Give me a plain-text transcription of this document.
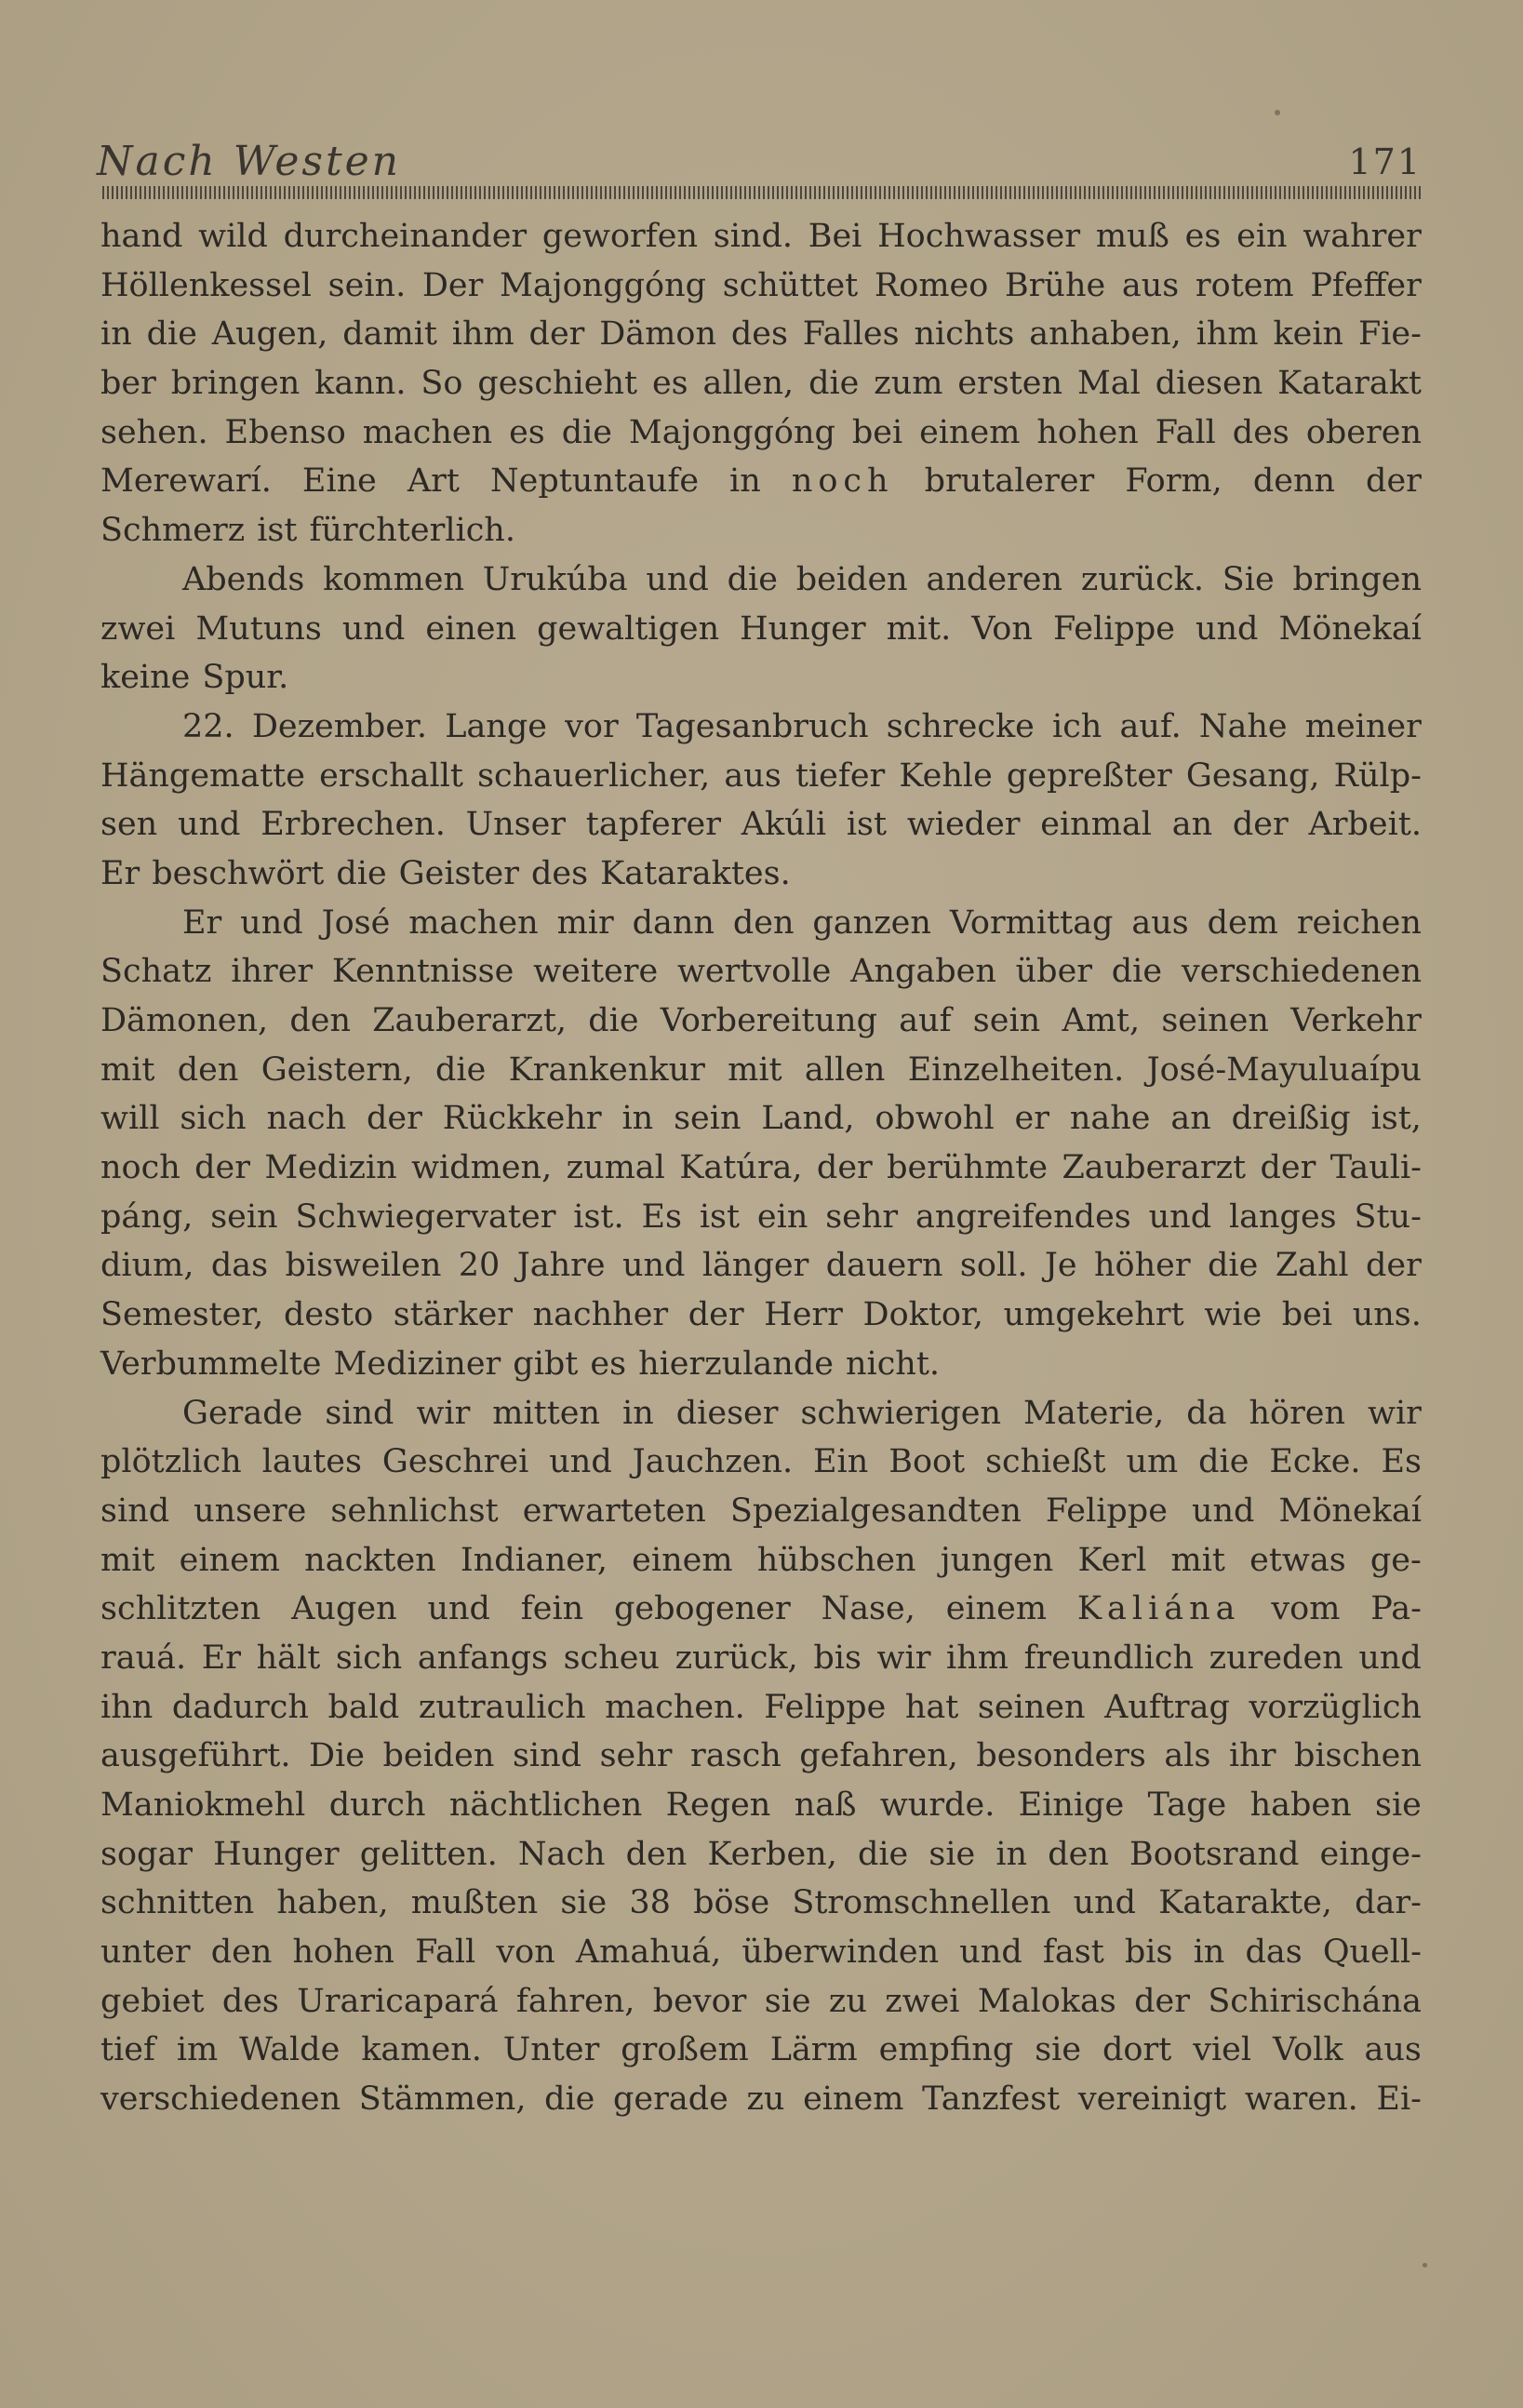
Nach Westen	171
hand wild durcheinander geworfen sind. Bei Hochwasser muß es ein wahrer
Höllenkessel sein. Der Majonggóng schüttet Romeo Brühe aus rotem Pfeffer
in die Augen, damit ihm der Dämon des Falles nichts anhaben, ihm kein Fie-
ber bringen kann. So geschieht es allen, die zum ersten Mal diesen Katarakt
sehen. Ebenso machen es die Majonggóng bei einem hohen Fall des oberen
Merewarí. Eine Art Neptuntaufe in noch brutalerer Form, denn der
Schmerz ist fürchterlich.
Abends kommen Urukúba und die beiden anderen zurück. Sie bringen
zwei Mutuns und einen gewaltigen Hunger mit. Von Felippe und Mönekaí
keine Spur.
22. Dezember. Lange vor Tagesanbruch schrecke ich auf. Nahe meiner
Hängematte erschallt schauerlicher, aus tiefer Kehle gepreßter Gesang, Rülp-
sen und Erbrechen. Unser tapferer Akúli ist wieder einmal an der Arbeit.
Er beschwört die Geister des Kataraktes.
Er und José machen mir dann den ganzen Vormittag aus dem reichen
Schatz ihrer Kenntnisse weitere wertvolle Angaben über die verschiedenen
Dämonen, den Zauberarzt, die Vorbereitung auf sein Amt, seinen Verkehr
mit den Geistern, die Krankenkur mit allen Einzelheiten. José-Mayuluaípu
will sich nach der Rückkehr in sein Land, obwohl er nahe an dreißig ist,
noch der Medizin widmen, zumal Katúra, der berühmte Zauberarzt der Tauli-
páng, sein Schwiegervater ist. Es ist ein sehr angreifendes und langes Stu-
dium, das bisweilen 20 Jahre und länger dauern soll. Je höher die Zahl der
Semester, desto stärker nachher der Herr Doktor, umgekehrt wie bei uns.
Verbummelte Mediziner gibt es hierzulande nicht.
Gerade sind wir mitten in dieser schwierigen Materie, da hören wir
plötzlich lautes Geschrei und Jauchzen. Ein Boot schießt um die Ecke. Es
sind unsere sehnlichst erwarteten Spezialgesandten Felippe und Mönekaí
mit einem nackten Indianer, einem hübschen jungen Kerl mit etwas ge-
schlitzten Augen und fein gebogener Nase, einem Kaliána vom Pa-
rauá. Er hält sich anfangs scheu zurück, bis wir ihm freundlich zureden und
ihn dadurch bald zutraulich machen. Felippe hat seinen Auftrag vorzüglich
ausgeführt. Die beiden sind sehr rasch gefahren, besonders als ihr bischen
Maniokmehl durch nächtlichen Regen naß wurde. Einige Tage haben sie
sogar Hunger gelitten. Nach den Kerben, die sie in den Bootsrand einge-
schnitten haben, mußten sie 38 böse Stromschnellen und Katarakte, dar-
unter den hohen Fall von Amahuá, überwinden und fast bis in das Quell-
gebiet des Uraricapará fahren, bevor sie zu zwei Malokas der Schirischána
tief im Walde kamen. Unter großem Lärm empfing sie dort viel Volk aus
verschiedenen Stämmen, die gerade zu einem Tanzfest vereinigt waren. Ei-
